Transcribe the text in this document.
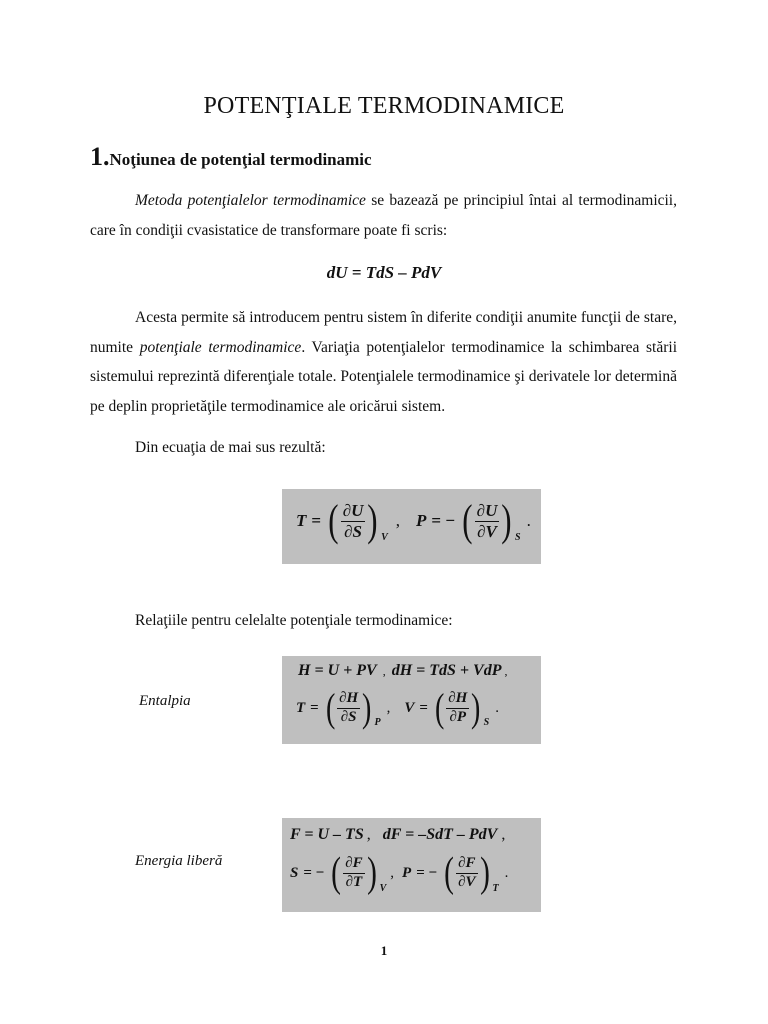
POTENŢIALE TERMODINAMICE
1.Noţiunea de potenţial termodinamic
Metoda potenţialelor termodinamice se bazează pe principiul întai al termodinamicii, care în condiţii cvasistatice de transformare poate fi scris:
dU = TdS – PdV
Acesta permite să introducem pentru sistem în diferite condiţii anumite funcţii de stare, numite potenţiale termodinamice. Variaţia potenţialelor termodinamice la schimbarea stării sistemului reprezintă diferenţiale totale. Potenţialele termodinamice şi derivatele lor determină pe deplin proprietăţile termodinamice ale oricărui sistem.
Din ecuaţia de mai sus rezultă:
T = ( $\frac{\partial U}{\partial S}$ ) V
, P = − ( $\frac{\partial U}{\partial V}$ ) S
.
Relaţiile pentru celelalte potenţiale termodinamice:
Entalpia
H = U + PV , dH = TdS + VdP ,
T = ( $\frac{\partial H}{\partial S}$ ) P
, V = ( $\frac{\partial H}{\partial P}$ ) S
.
Energia liberă
F = U – TS , dF = –SdT – PdV ,
S = − ( $\frac{\partial F}{\partial T}$ ) V
, P = − ( $\frac{\partial F}{\partial V}$ ) T
.
1
